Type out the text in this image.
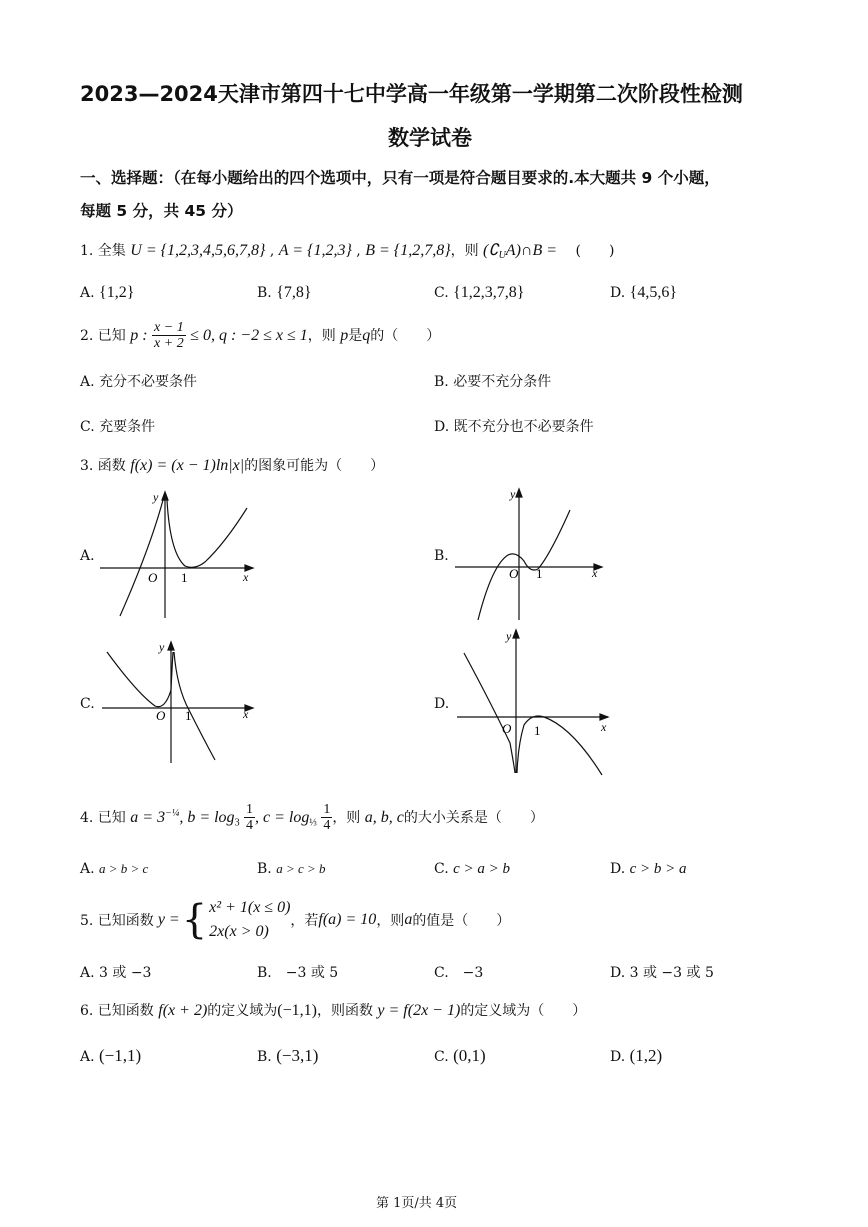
2023—2024天津市第四十七中学高一年级第一学期第二次阶段性检测
数学试卷
一、选择题：（在每小题给出的四个选项中，只有一项是符合题目要求的.本大题共 9 个小题，
每题 5 分，共 45 分）
1. 全集 U = {1,2,3,4,5,6,7,8} , A = {1,2,3} , B = {1,2,7,8}，则 $(∁_UA)\cap B$ = (　　)
A. {1,2}	B. {7,8}	C. {1,2,3,7,8}	D. {4,5,6}
2. 已知 p : $\frac{x - 1}{x + 2} \le 0$, q : −2 ≤ x ≤ 1，则 p是q的（　　）
A. 充分不必要条件	B. 必要不充分条件
C. 充要条件	D. 既不充分也不必要条件
3. 函数 f(x) = (x − 1)ln|x|的图象可能为（　　）
A.	B.
C.	D.
y
x
O 1
y
x
O 1
y
x
O 1
y
x
O 1
4. 已知 $a = 3^{-\frac{1}{4}}$, $b = \log_3 \frac{1}{4}$ , $c = \log_{\frac{1}{3}} \frac{1}{4}$ ，则 a, b, c的大小关系是（　　）
A. a > b > c	B. a > c > b	C. c > a > b	D. c > b > a
5. 已知函数 y = { x² + 1(x ≤ 0)
2x(x > 0)
，若 f(a) = 10 ，则 a 的值是（　　）
A. 3 或 −3	B.　−3 或 5	C.　−3	D. 3 或 −3 或 5
6. 已知函数 f(x + 2)的定义域为(−1,1)，则函数 y = f(2x − 1)的定义域为（　　）
A. (−1,1)	B. (−3,1)	C. (0,1)	D. (1,2)
第 1页/共 4页
